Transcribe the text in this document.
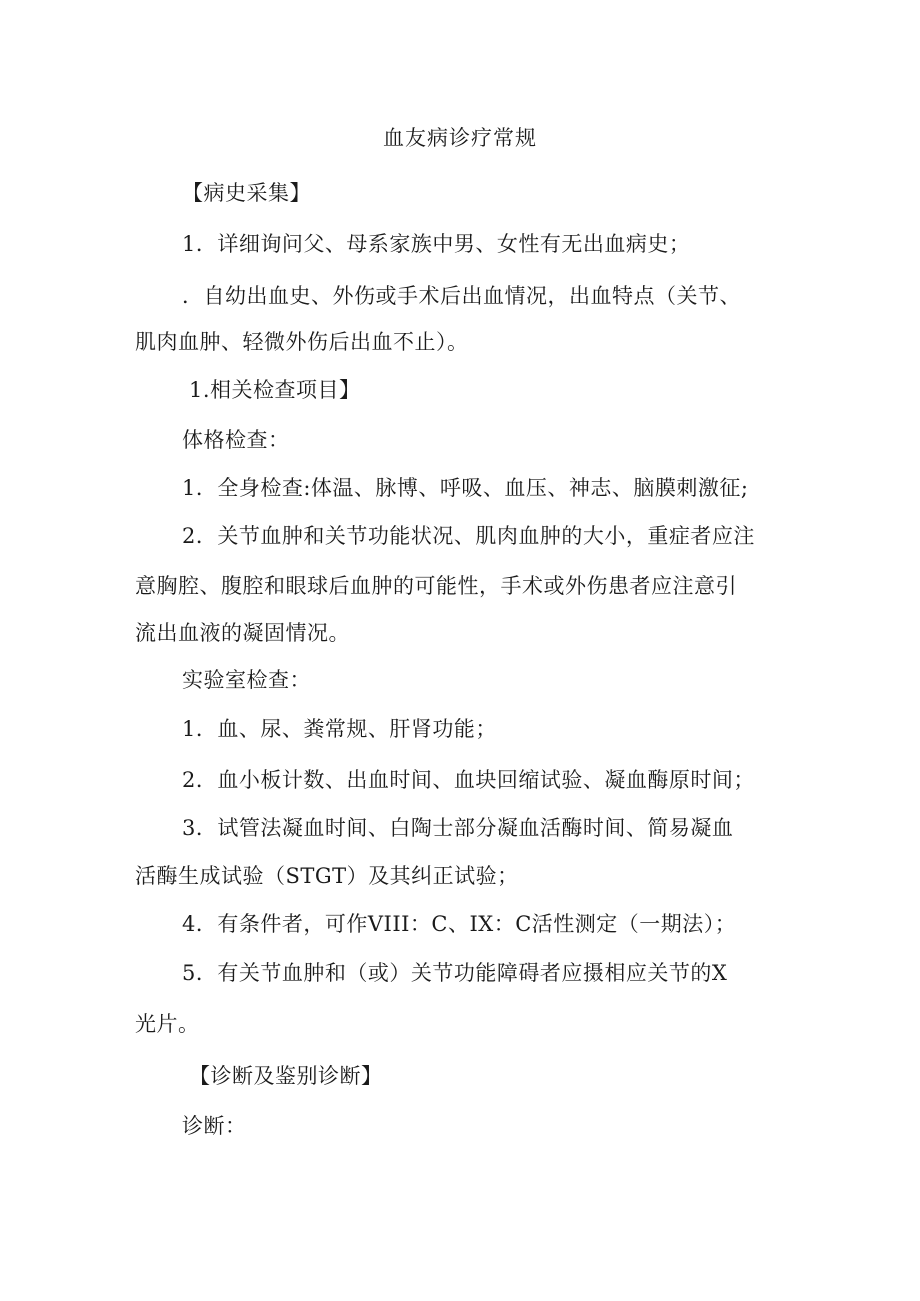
血友病诊疗常规
【病史采集】
1．详细询问父、母系家族中男、女性有无出血病史；
．自幼出血史、外伤或手术后出血情况，出血特点（关节、
肌肉血肿、轻微外伤后出血不止）。
1.相关检查项目】
体格检查：
1．全身检查:体温、脉博、呼吸、血压、神志、脑膜刺激征;
2．关节血肿和关节功能状况、肌肉血肿的大小，重症者应注
意胸腔、腹腔和眼球后血肿的可能性，手术或外伤患者应注意引
流出血液的凝固情况。
实验室检查：
1．血、尿、粪常规、肝肾功能；
2．血小板计数、出血时间、血块回缩试验、凝血酶原时间；
3．试管法凝血时间、白陶士部分凝血活酶时间、简易凝血
活酶生成试验（STGT）及其纠正试验；
4．有条件者，可作VIII：C、IX：C活性测定（一期法）；
5．有关节血肿和（或）关节功能障碍者应摄相应关节的X
光片。
【诊断及鉴别诊断】
诊断：
